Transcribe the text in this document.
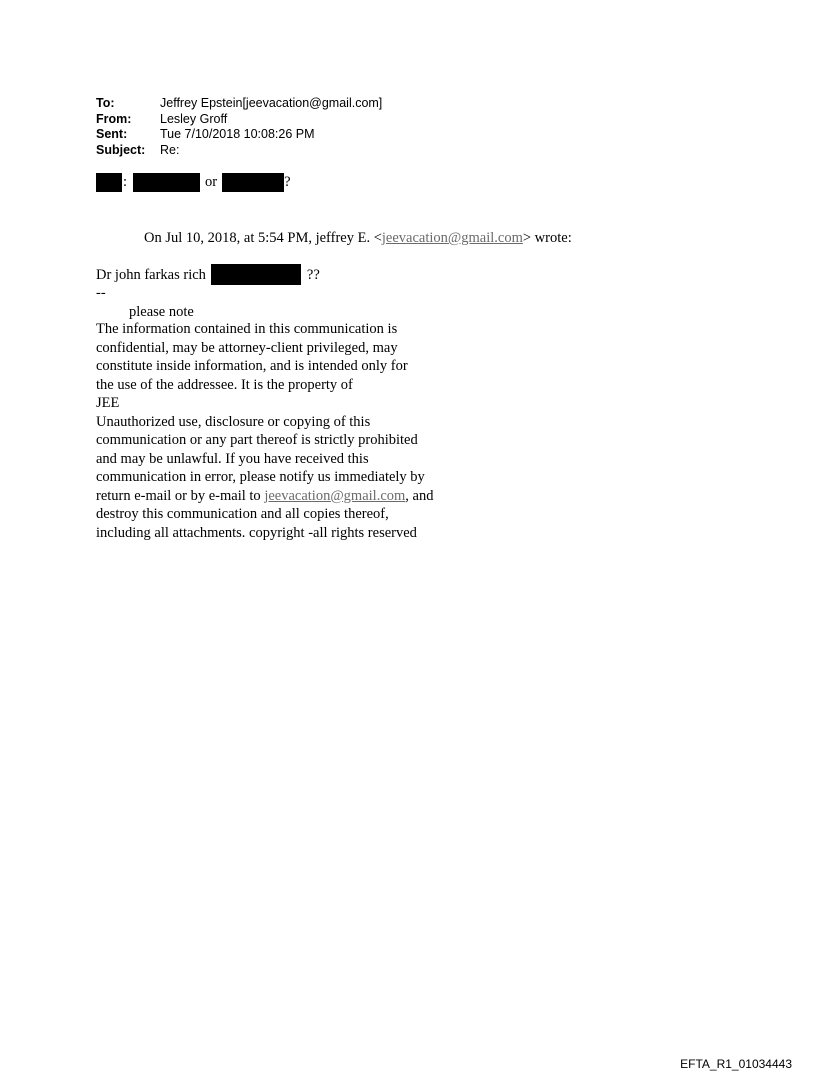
To:	Jeffrey Epstein[jeevacation@gmail.com]
From:	Lesley Groff
Sent:	Tue 7/10/2018 10:08:26 PM
Subject:	Re:
:	or	?
On Jul 10, 2018, at 5:54 PM, jeffrey E. <jeevacation@gmail.com> wrote:
Dr john farkas rich	??
--
please note
The information contained in this communication is
confidential, may be attorney-client privileged, may
constitute inside information, and is intended only for
the use of the addressee. It is the property of
JEE
Unauthorized use, disclosure or copying of this
communication or any part thereof is strictly prohibited
and may be unlawful. If you have received this
communication in error, please notify us immediately by
return e-mail or by e-mail to jeevacation@gmail.com, and
destroy this communication and all copies thereof,
including all attachments. copyright -all rights reserved
EFTA_R1_01034443
